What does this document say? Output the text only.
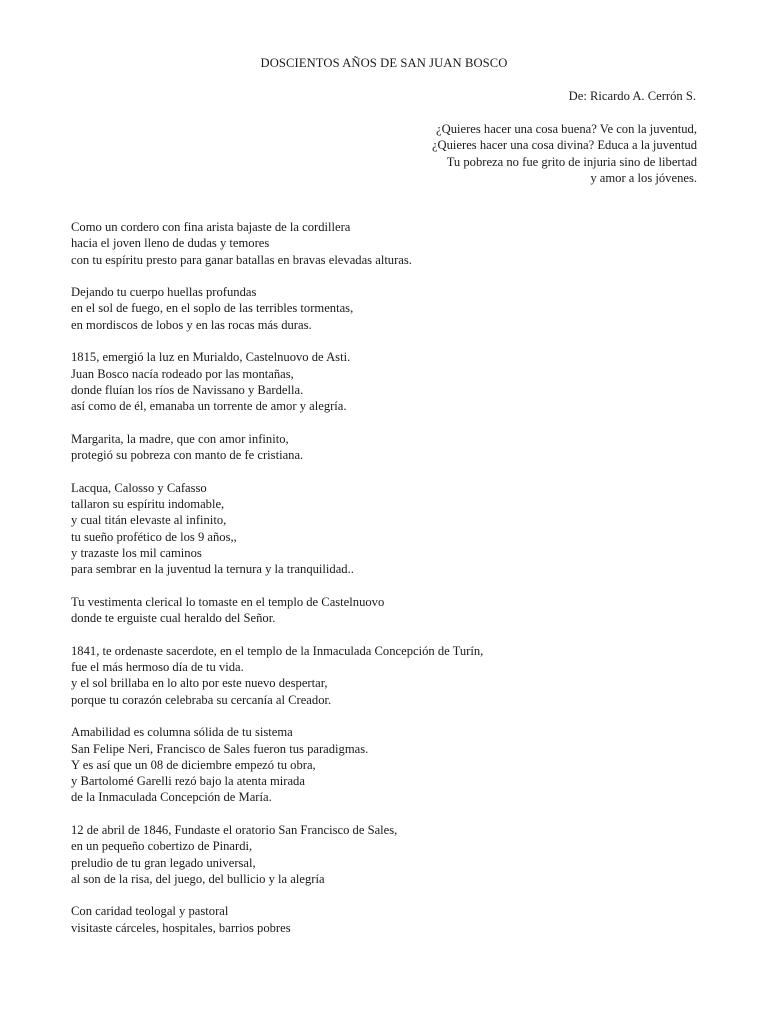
DOSCIENTOS AÑOS DE SAN JUAN BOSCO
De: Ricardo A. Cerrón S.
¿Quieres hacer una cosa buena? Ve con la juventud,
¿Quieres hacer una cosa divina? Educa a la juventud
Tu pobreza no fue grito de injuria sino de libertad
y amor a los jóvenes.
Como un cordero con fina arista bajaste de la cordillera
hacia el joven lleno de dudas y temores
con tu espíritu presto para ganar batallas en bravas elevadas alturas.
Dejando tu cuerpo huellas profundas
en el sol de fuego, en el soplo de las terribles tormentas,
en mordiscos de lobos y en las rocas más duras.
1815, emergió la luz en Murialdo, Castelnuovo de Asti.
Juan Bosco nacía rodeado por las montañas,
donde fluían los ríos de Navissano y Bardella.
así como de él, emanaba un torrente de amor y alegría.
Margarita, la madre, que con amor infinito,
protegió su pobreza con manto de fe cristiana.
Lacqua, Calosso y Cafasso
tallaron su espíritu indomable,
y cual titán elevaste al infinito,
tu sueño profético de los 9 años,,
y trazaste los mil caminos
para sembrar en la juventud la ternura y la tranquilidad..
Tu vestimenta clerical lo tomaste en el templo de Castelnuovo
donde te erguiste cual heraldo del Señor.
1841, te ordenaste sacerdote, en el templo de la Inmaculada Concepción de Turín,
fue el más hermoso día de tu vida.
y el sol brillaba en lo alto por este nuevo despertar,
porque tu corazón celebraba su cercanía al Creador.
Amabilidad es columna sólida de tu sistema
San Felipe Neri, Francisco de Sales fueron tus paradigmas.
Y es así que un 08 de diciembre empezó tu obra,
y Bartolomé Garelli rezó bajo la atenta mirada
de la Inmaculada Concepción de María.
12 de abril de 1846, Fundaste el oratorio San Francisco de Sales,
en un pequeño cobertizo de Pinardi,
preludio de tu gran legado universal,
al son de la risa, del juego, del bullicio y la alegría
Con caridad teologal y pastoral
visitaste cárceles, hospitales, barrios pobres
